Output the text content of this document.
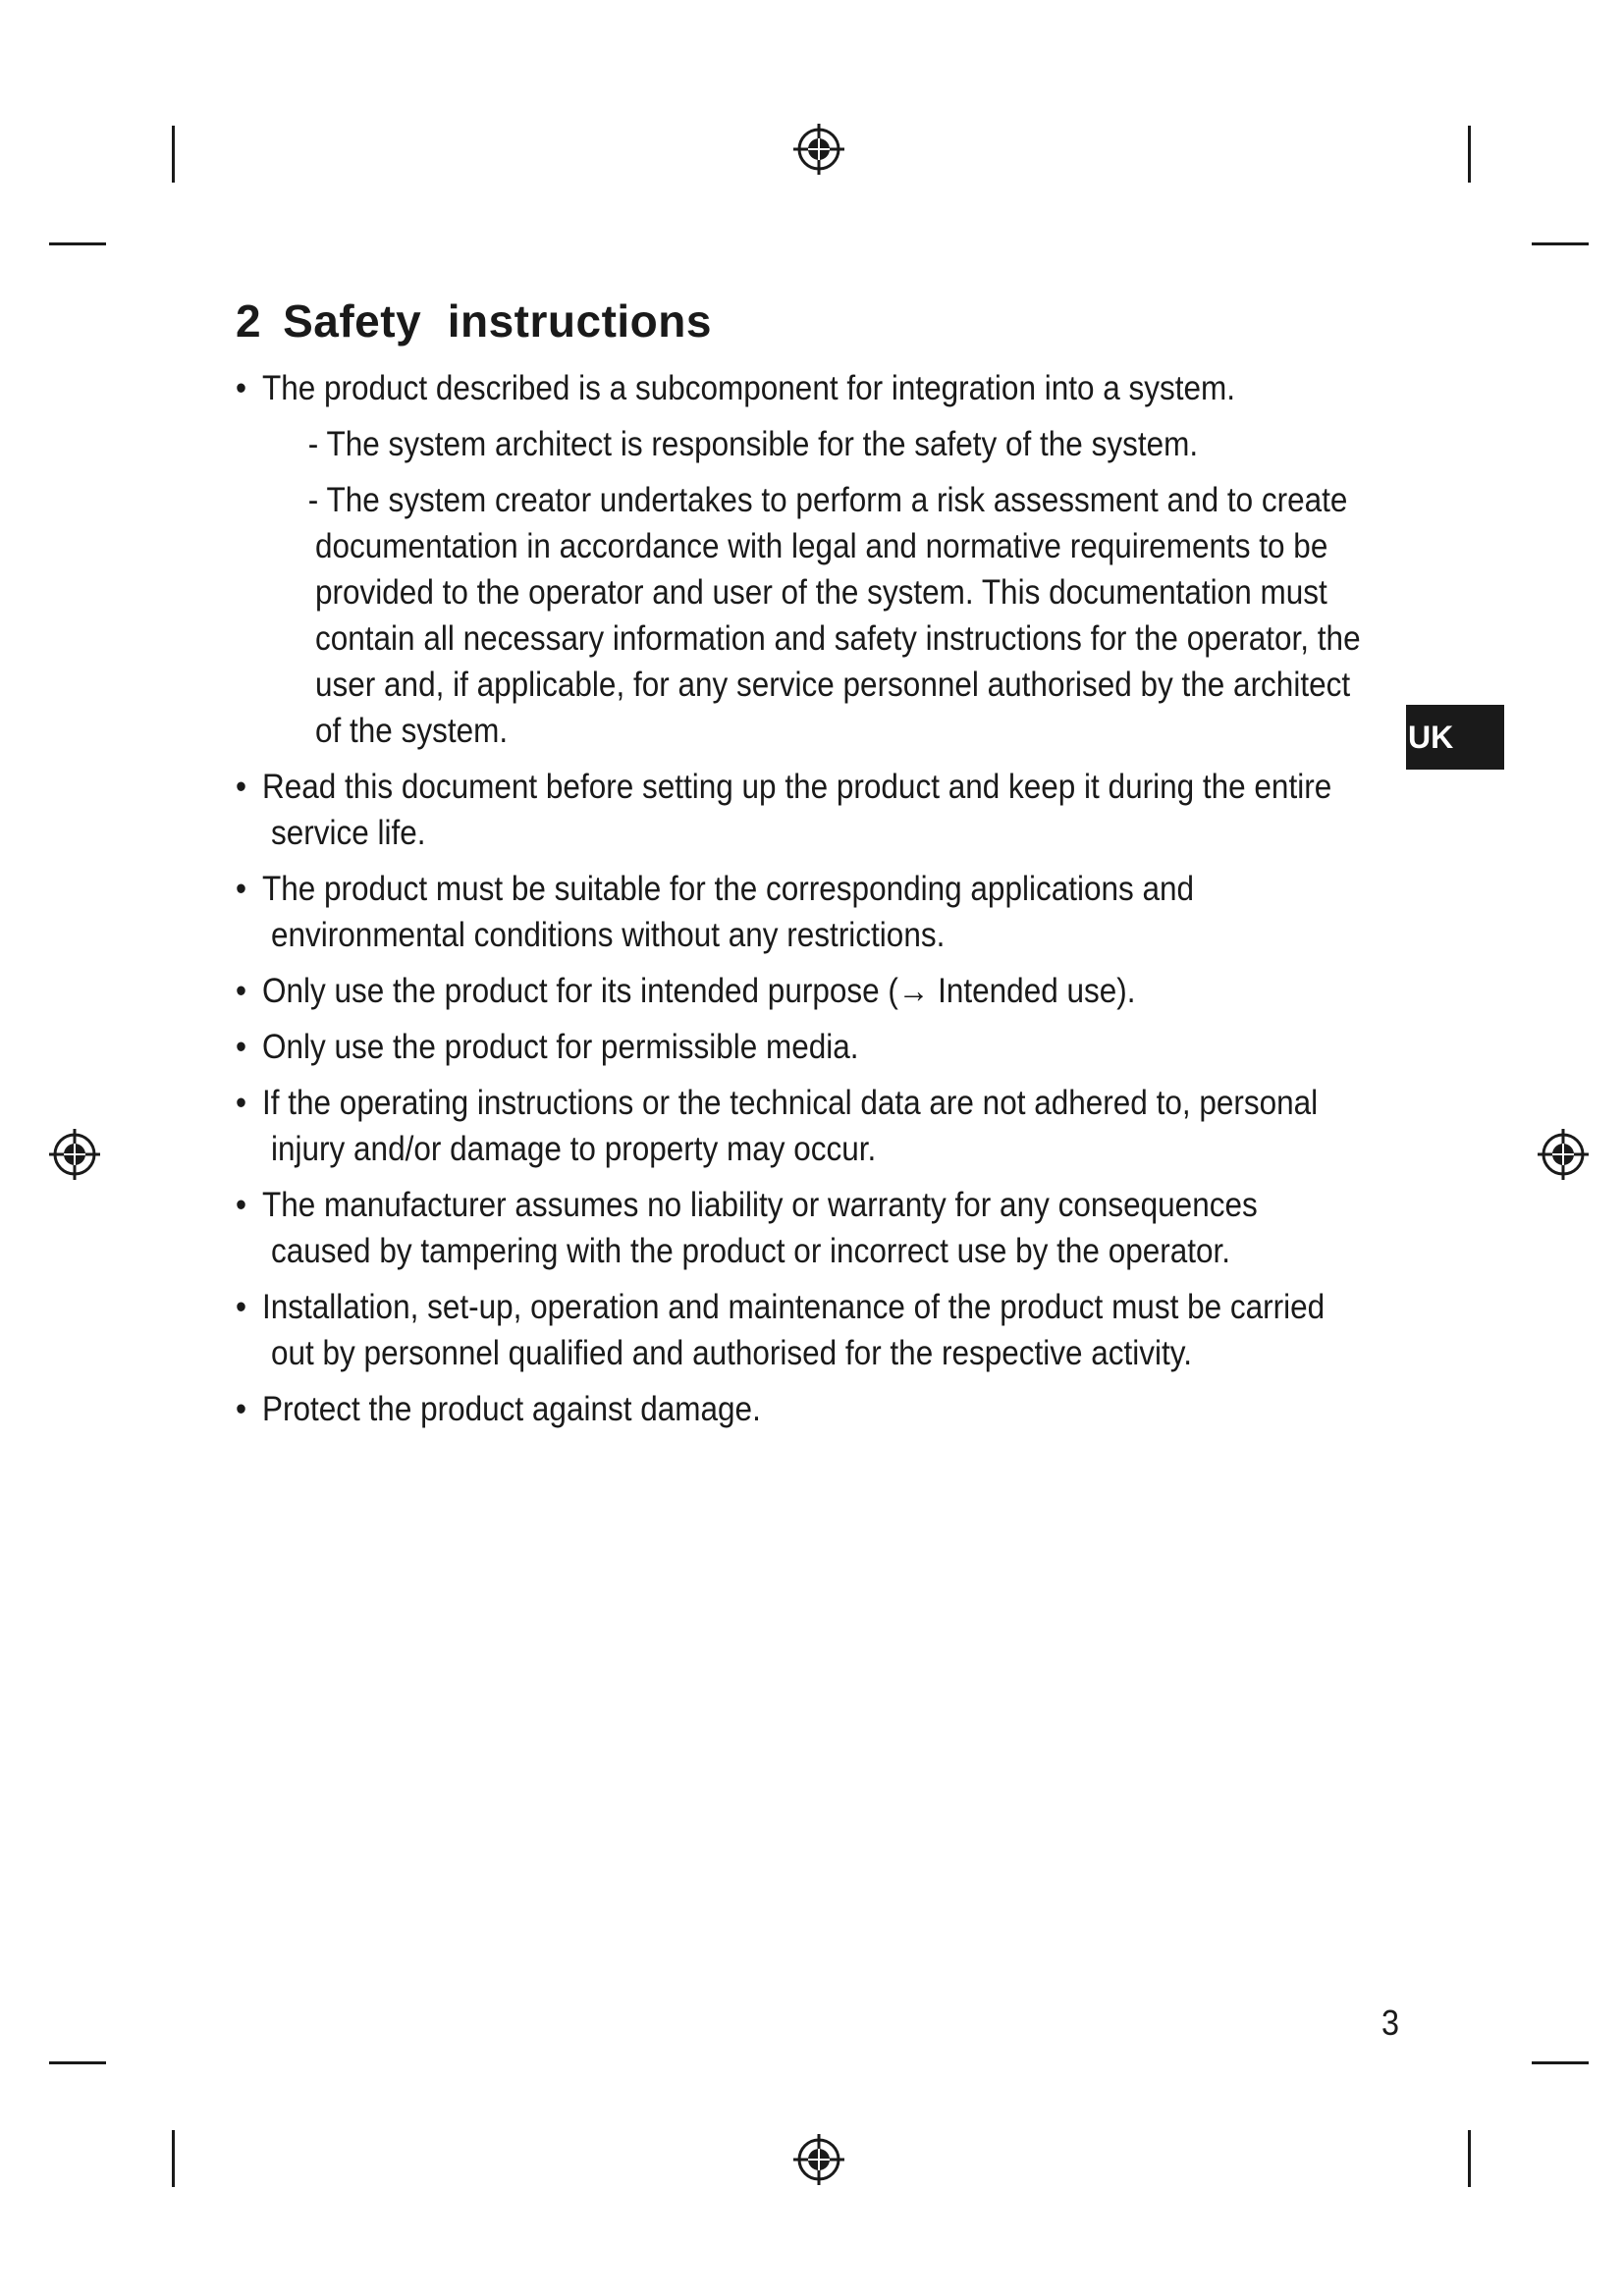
2 Safety  instructions
• The product described is a subcomponent for integration into a system.
- The system architect is responsible for the safety of the system.
- The system creator undertakes to perform a risk assessment and to create
documentation in accordance with legal and normative requirements to be
provided to the operator and user of the system. This documentation must
contain all necessary information and safety instructions for the operator, the
user and, if applicable, for any service personnel authorised by the architect
of the system.
• Read this document before setting up the product and keep it during the entire
service life.
• The product must be suitable for the corresponding applications and
environmental conditions without any restrictions.
• Only use the product for its intended purpose (→ Intended use).
• Only use the product for permissible media.
• If the operating instructions or the technical data are not adhered to, personal
injury and/or damage to property may occur.
• The manufacturer assumes no liability or warranty for any consequences
caused by tampering with the product or incorrect use by the operator.
• Installation, set-up, operation and maintenance of the product must be carried
out by personnel qualified and authorised for the respective activity.
• Protect the product against damage.
UK
3
